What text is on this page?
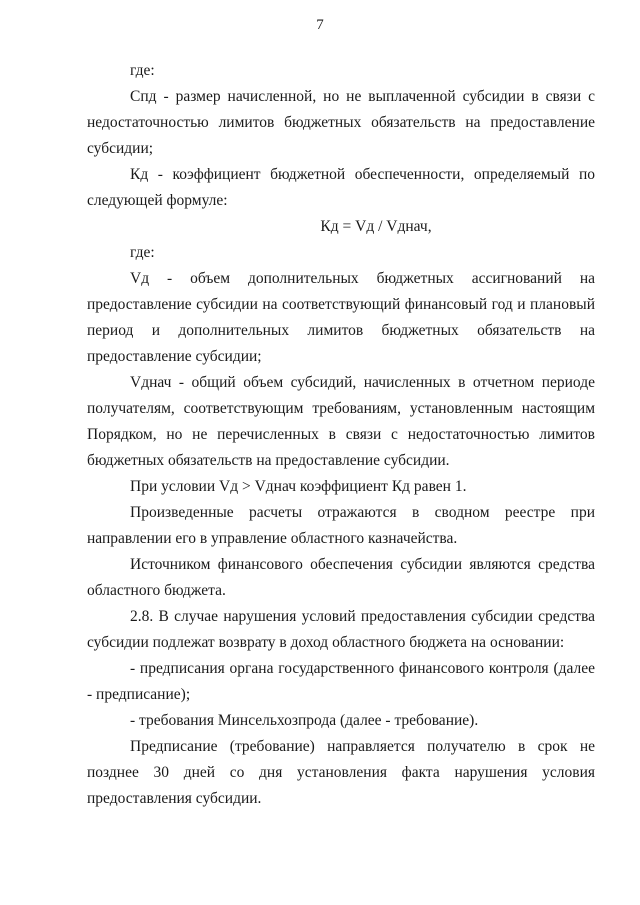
7

где:

Спд - размер начисленной, но не выплаченной субсидии в связи с недостаточностью лимитов бюджетных обязательств на предоставление субсидии;

Кд - коэффициент бюджетной обеспеченности, определяемый по следующей формуле:

Кд = Vд / Vднач,

где:

Vд - объем дополнительных бюджетных ассигнований на предоставление субсидии на соответствующий финансовый год и плановый период и дополнительных лимитов бюджетных обязательств на предоставление субсидии;

Vднач - общий объем субсидий, начисленных в отчетном периоде получателям, соответствующим требованиям, установленным настоящим Порядком, но не перечисленных в связи с недостаточностью лимитов бюджетных обязательств на предоставление субсидии.

При условии Vд > Vднач коэффициент Кд равен 1.

Произведенные расчеты отражаются в сводном реестре при направлении его в управление областного казначейства.

Источником финансового обеспечения субсидии являются средства областного бюджета.

2.8. В случае нарушения условий предоставления субсидии средства субсидии подлежат возврату в доход областного бюджета на основании:

- предписания органа государственного финансового контроля (далее - предписание);

- требования Минсельхозпрода (далее - требование).

Предписание (требование) направляется получателю в срок не позднее 30 дней со дня установления факта нарушения условия предоставления субсидии.
